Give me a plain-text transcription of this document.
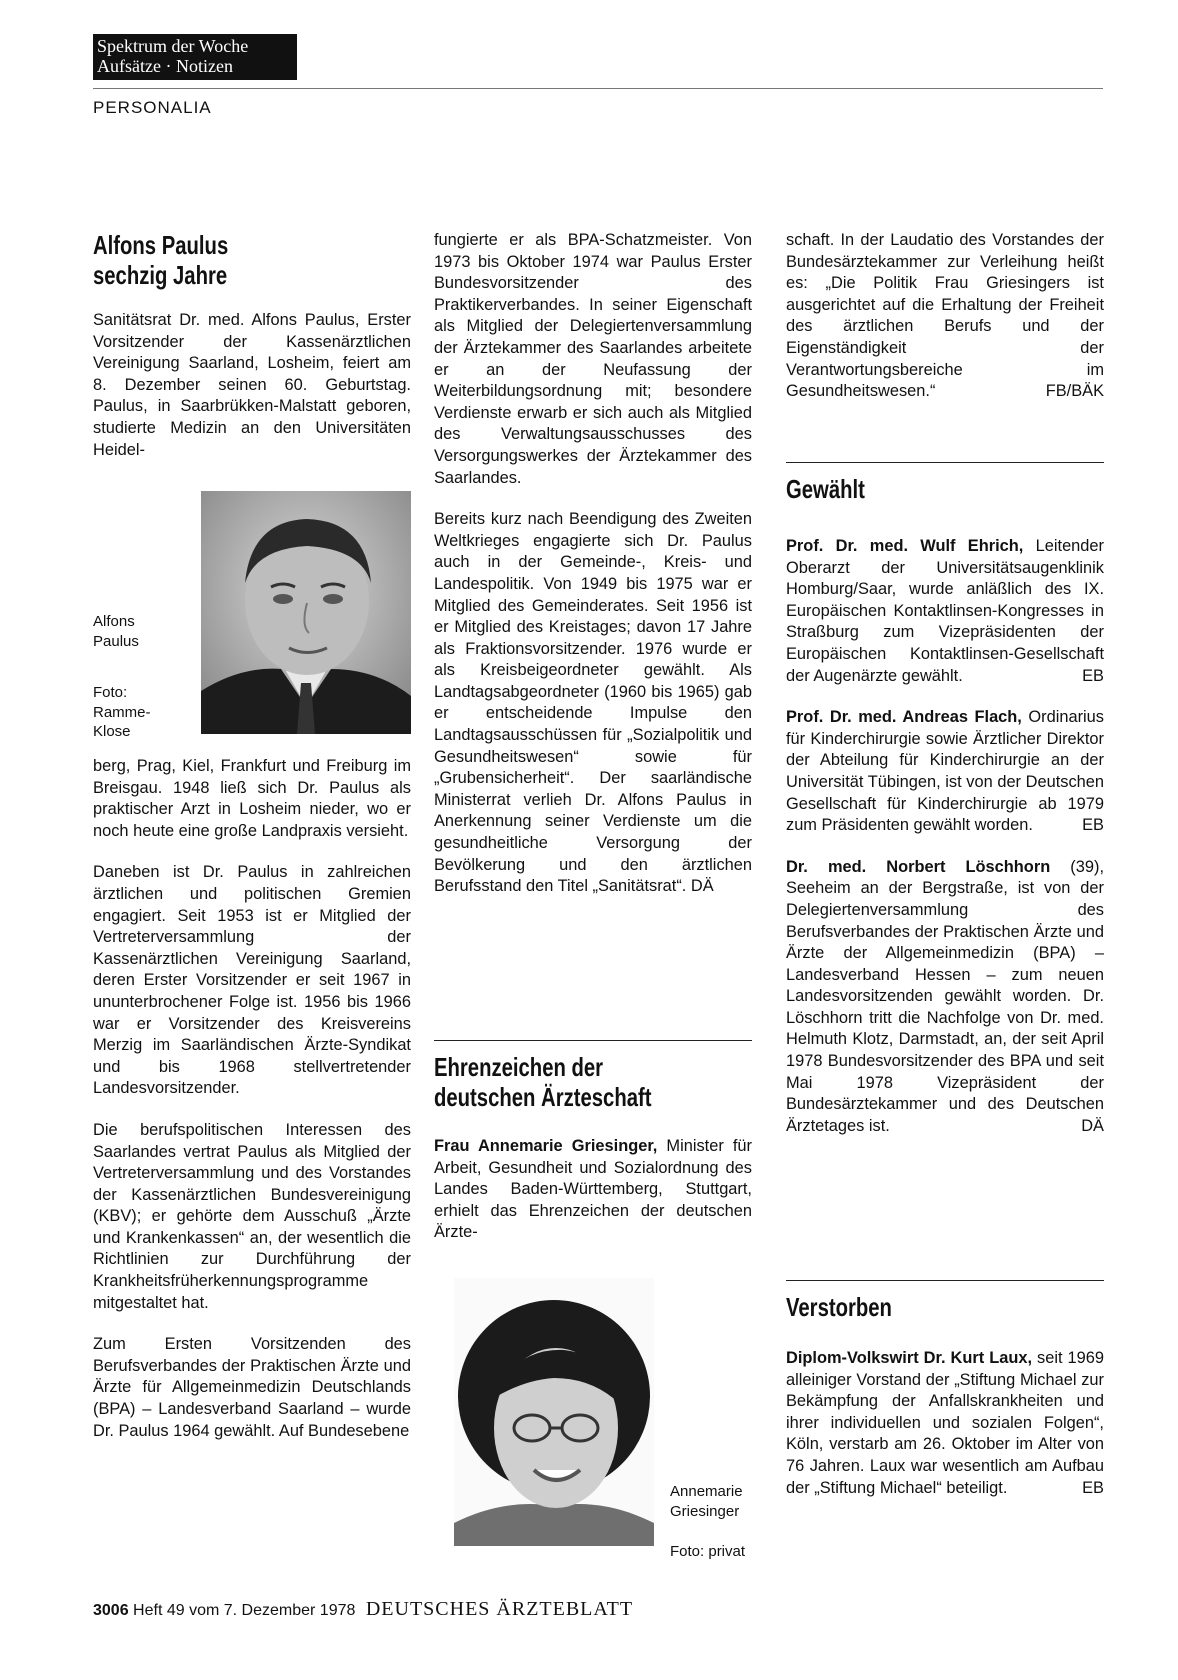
Spektrum der Woche
Aufsätze · Notizen
PERSONALIA
Alfons Paulus
sechzig Jahre

Sanitätsrat Dr. med. Alfons Paulus, Erster Vorsitzender der Kassenärztlichen Vereinigung Saarland, Losheim, feiert am 8. Dezember seinen 60. Geburtstag. Paulus, in Saarbrükken-Malstatt geboren, studierte Medizin an den Universitäten Heidel-

Alfons
Paulus
Foto:
Ramme-
Klose

berg, Prag, Kiel, Frankfurt und Freiburg im Breisgau. 1948 ließ sich Dr. Paulus als praktischer Arzt in Losheim nieder, wo er noch heute eine große Landpraxis versieht.

Daneben ist Dr. Paulus in zahlreichen ärztlichen und politischen Gremien engagiert. Seit 1953 ist er Mitglied der Vertreterversammlung der Kassenärztlichen Vereinigung Saarland, deren Erster Vorsitzender er seit 1967 in ununterbrochener Folge ist. 1956 bis 1966 war er Vorsitzender des Kreisvereins Merzig im Saarländischen Ärzte-Syndikat und bis 1968 stellvertretender Landesvorsitzender.

Die berufspolitischen Interessen des Saarlandes vertrat Paulus als Mitglied der Vertreterversammlung und des Vorstandes der Kassenärztlichen Bundesvereinigung (KBV); er gehörte dem Ausschuß „Ärzte und Krankenkassen“ an, der wesentlich die Richtlinien zur Durchführung der Krankheitsfrüherkennungsprogramme mitgestaltet hat.

Zum Ersten Vorsitzenden des Berufsverbandes der Praktischen Ärzte und Ärzte für Allgemeinmedizin Deutschlands (BPA) – Landesverband Saarland – wurde Dr. Paulus 1964 gewählt. Auf Bundesebene

fungierte er als BPA-Schatzmeister. Von 1973 bis Oktober 1974 war Paulus Erster Bundesvorsitzender des Praktikerverbandes. In seiner Eigenschaft als Mitglied der Delegiertenversammlung der Ärztekammer des Saarlandes arbeitete er an der Neufassung der Weiterbildungsordnung mit; besondere Verdienste erwarb er sich auch als Mitglied des Verwaltungsausschusses des Versorgungswerkes der Ärztekammer des Saarlandes.

Bereits kurz nach Beendigung des Zweiten Weltkrieges engagierte sich Dr. Paulus auch in der Gemeinde-, Kreis- und Landespolitik. Von 1949 bis 1975 war er Mitglied des Gemeinderates. Seit 1956 ist er Mitglied des Kreistages; davon 17 Jahre als Fraktionsvorsitzender. 1976 wurde er als Kreisbeigeordneter gewählt. Als Landtagsabgeordneter (1960 bis 1965) gab er entscheidende Impulse den Landtagsausschüssen für „Sozialpolitik und Gesundheitswesen“ sowie für „Grubensicherheit“. Der saarländische Ministerrat verlieh Dr. Alfons Paulus in Anerkennung seiner Verdienste um die gesundheitliche Versorgung der Bevölkerung und den ärztlichen Berufsstand den Titel „Sanitätsrat“. DÄ

Ehrenzeichen der
deutschen Ärzteschaft

Frau Annemarie Griesinger, Minister für Arbeit, Gesundheit und Sozialordnung des Landes Baden-Württemberg, Stuttgart, erhielt das Ehrenzeichen der deutschen Ärzte-

Annemarie
Griesinger
Foto: privat

schaft. In der Laudatio des Vorstandes der Bundesärztekammer zur Verleihung heißt es: „Die Politik Frau Griesingers ist ausgerichtet auf die Erhaltung der Freiheit des ärztlichen Berufs und der Eigenständigkeit der Verantwortungsbereiche im Gesundheitswesen.“	FB/BÄK

Gewählt

Prof. Dr. med. Wulf Ehrich, Leitender Oberarzt der Universitätsaugenklinik Homburg/Saar, wurde anläßlich des IX. Europäischen Kontaktlinsen-Kongresses in Straßburg zum Vizepräsidenten der Europäischen Kontaktlinsen-Gesellschaft der Augenärzte gewählt.	EB

Prof. Dr. med. Andreas Flach, Ordinarius für Kinderchirurgie sowie Ärztlicher Direktor der Abteilung für Kinderchirurgie an der Universität Tübingen, ist von der Deutschen Gesellschaft für Kinderchirurgie ab 1979 zum Präsidenten gewählt worden.	EB

Dr. med. Norbert Löschhorn (39), Seeheim an der Bergstraße, ist von der Delegiertenversammlung des Berufsverbandes der Praktischen Ärzte und Ärzte der Allgemeinmedizin (BPA) – Landesverband Hessen – zum neuen Landesvorsitzenden gewählt worden. Dr. Löschhorn tritt die Nachfolge von Dr. med. Helmuth Klotz, Darmstadt, an, der seit April 1978 Bundesvorsitzender des BPA und seit Mai 1978 Vizepräsident der Bundesärztekammer und des Deutschen Ärztetages ist.	DÄ

Verstorben

Diplom-Volkswirt Dr. Kurt Laux, seit 1969 alleiniger Vorstand der „Stiftung Michael zur Bekämpfung der Anfallskrankheiten und ihrer individuellen und sozialen Folgen“, Köln, verstarb am 26. Oktober im Alter von 76 Jahren. Laux war wesentlich am Aufbau der „Stiftung Michael“ beteiligt.	EB

3006 Heft 49 vom 7. Dezember 1978 DEUTSCHES ÄRZTEBLATT
